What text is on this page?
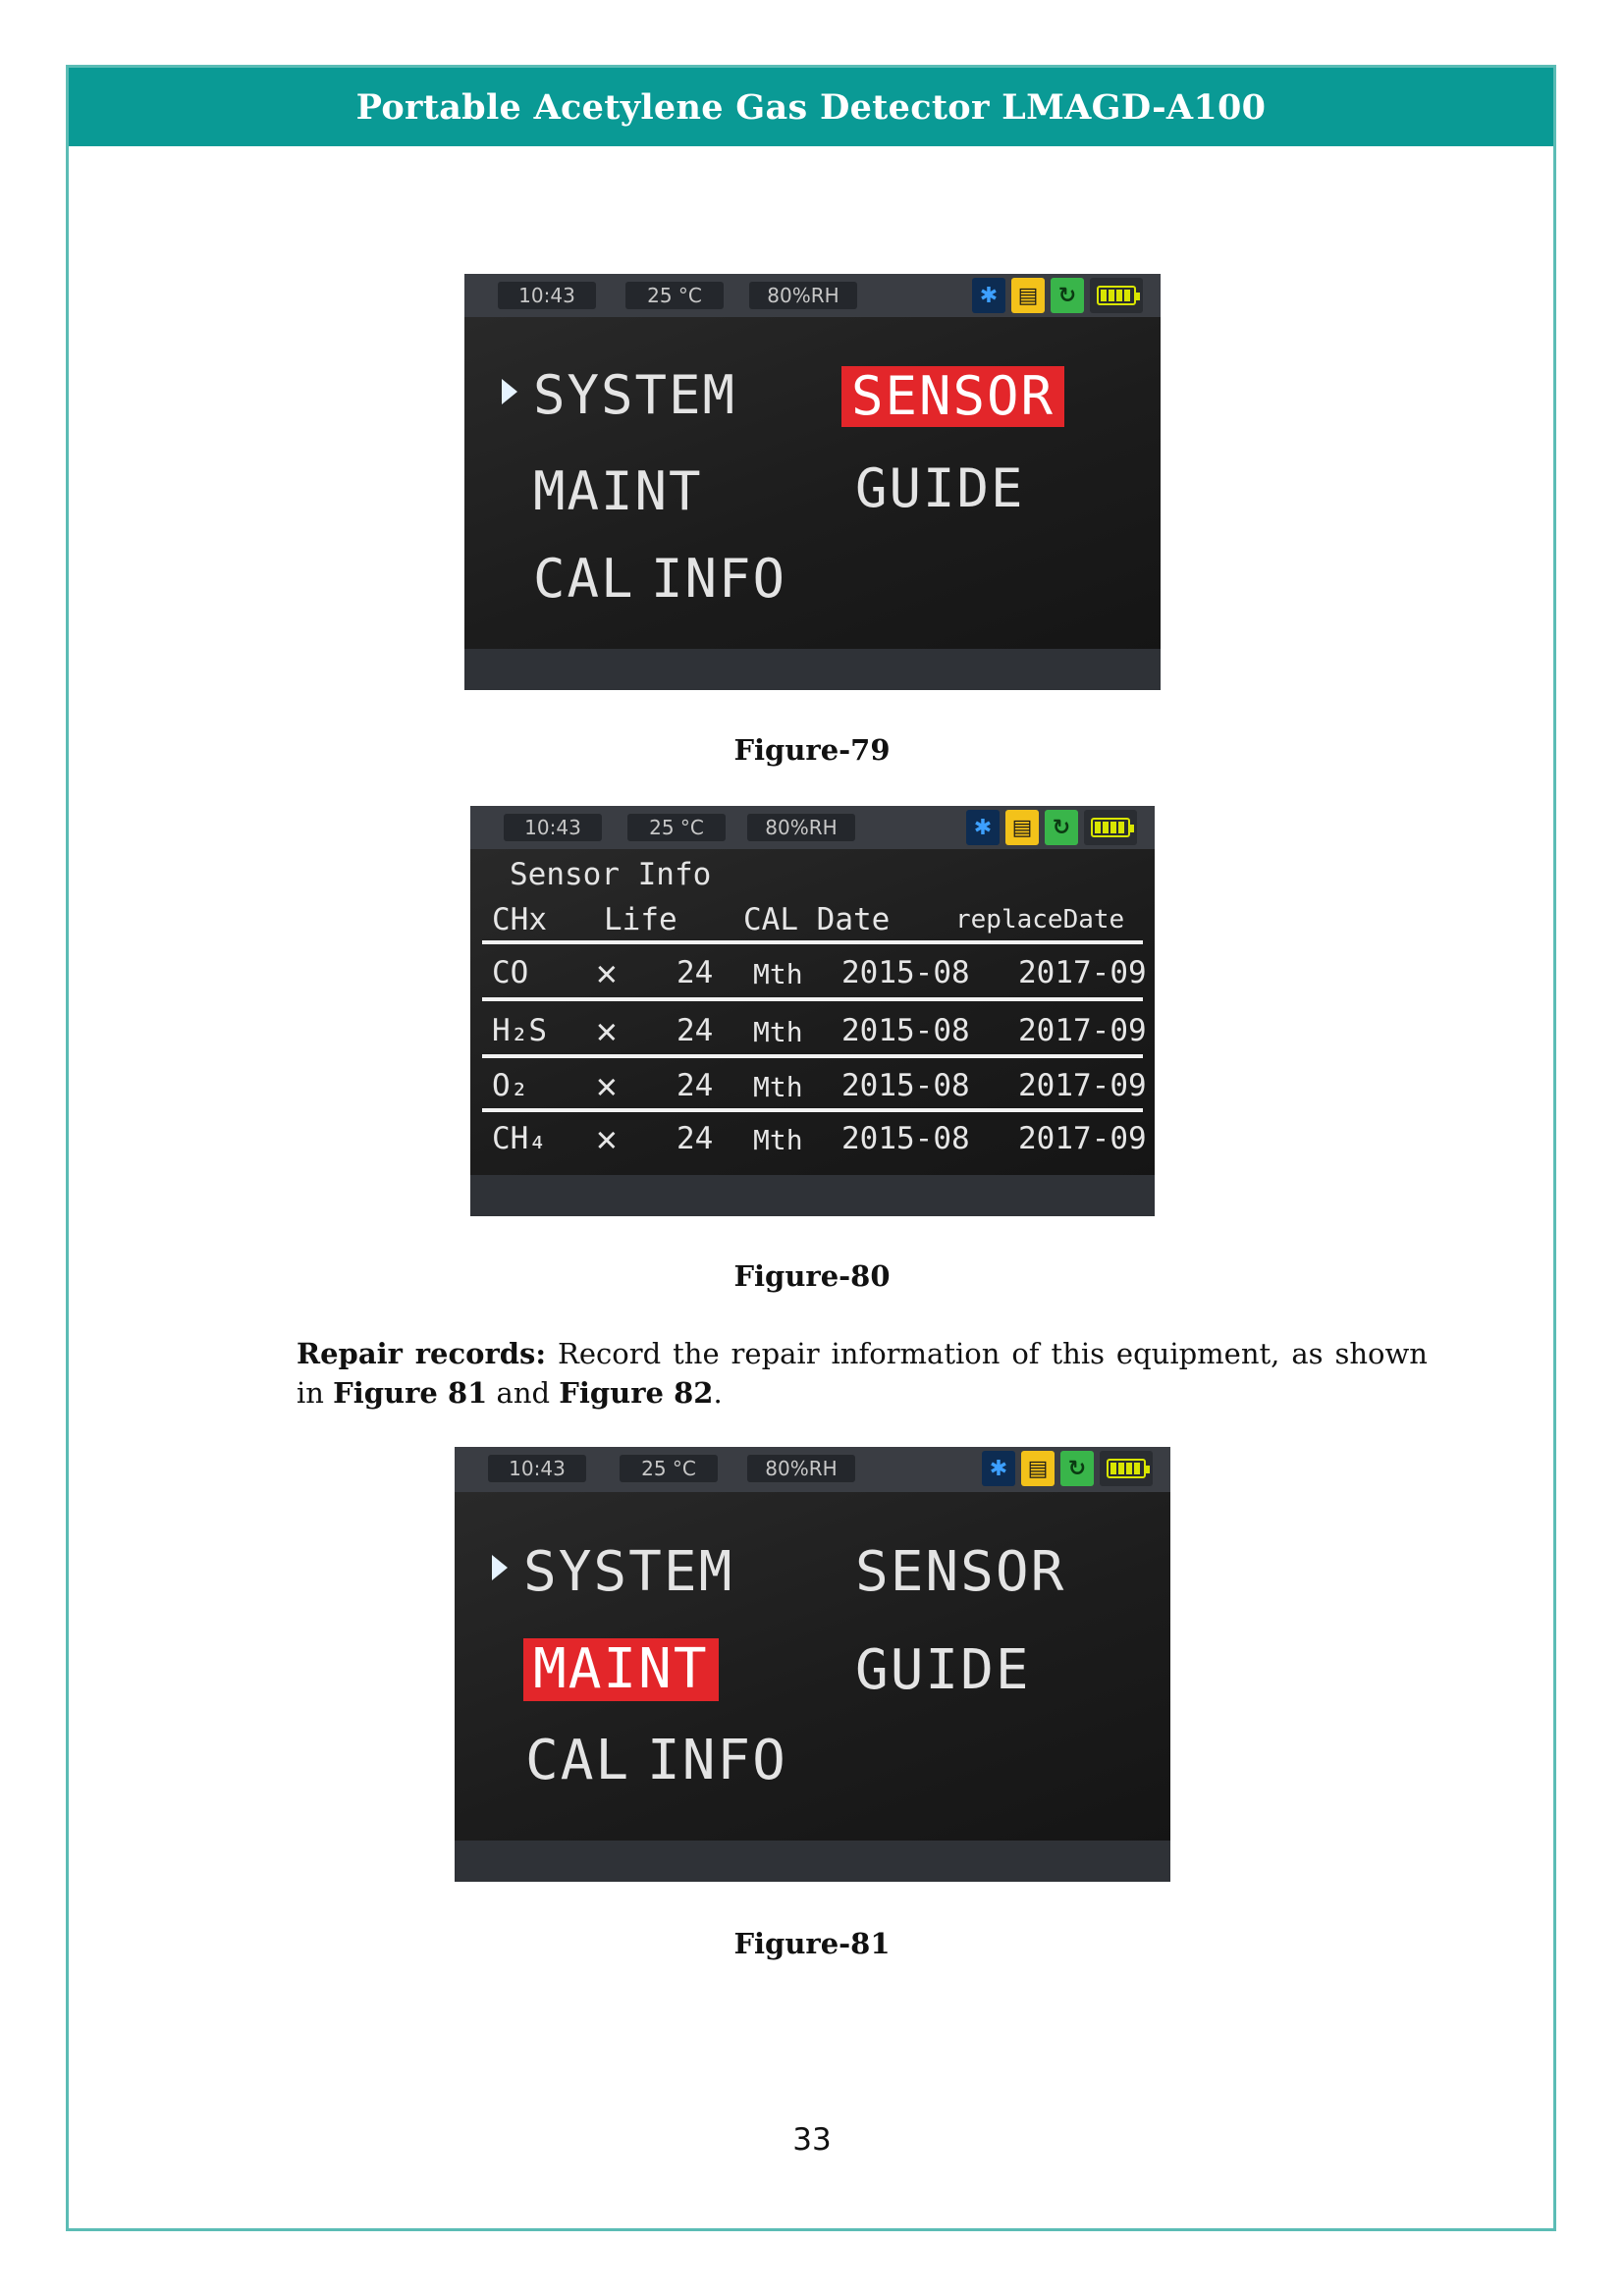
Portable Acetylene Gas Detector LMAGD-A100
10:43	25 °C	80%RH	✱ ▤ ↻
SYSTEM SENSOR
MAINT	GUIDE
CAL INFO
Figure-79
10:43	25 °C	80%RH	✱ ▤ ↻
Sensor Info
CHx Life CAL Date	replaceDate
CO ✕ 24 Mth 2015-08 2017-09
H₂S ✕ 24 Mth 2015-08 2017-09
O₂ ✕ 24 Mth 2015-08 2017-09
CH₄ ✕ 24 Mth 2015-08 2017-09
Figure-80
Repair records: Record the repair information of this equipment, as shown in Figure 81 and Figure 82.
10:43	25 °C	80%RH	✱ ▤ ↻
SYSTEM SENSOR
MAINT	GUIDE
CAL INFO
Figure-81
33
